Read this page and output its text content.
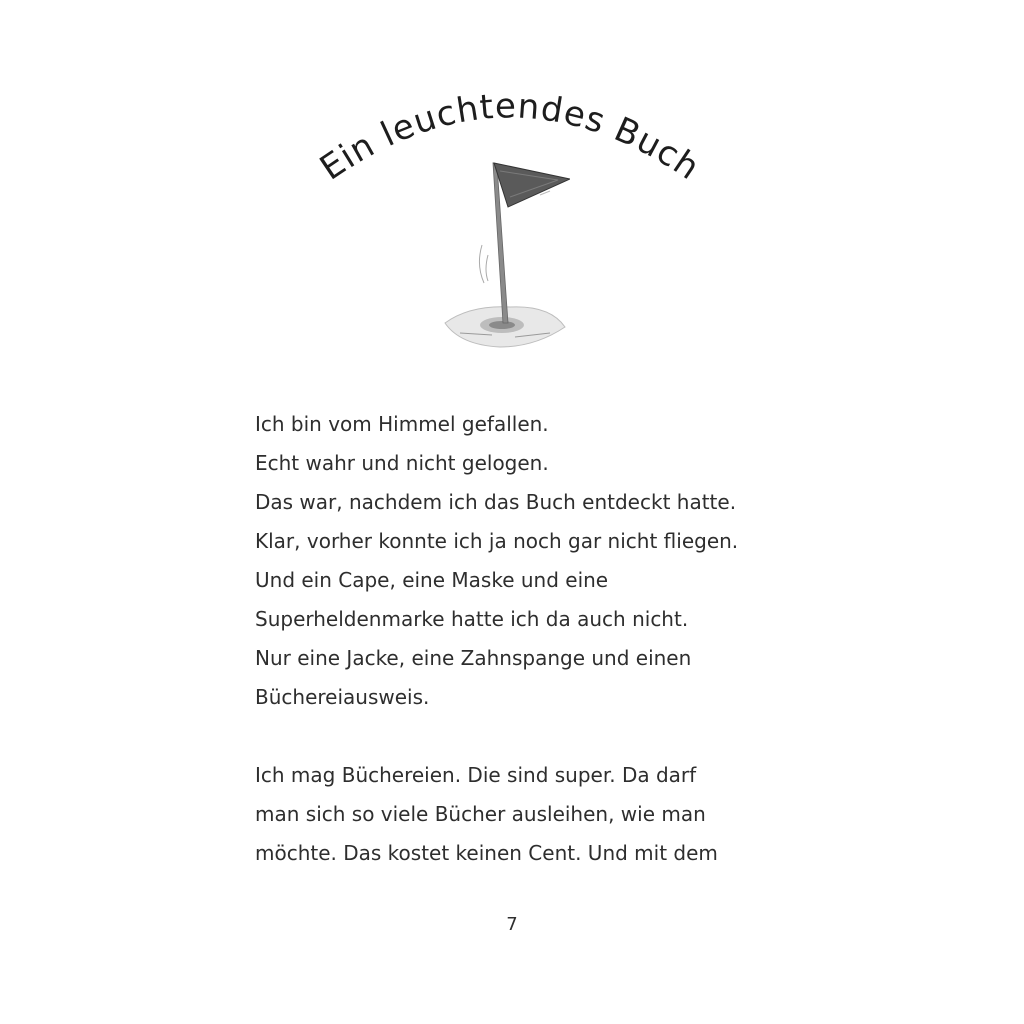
Ein leuchtendes Buch
Ich bin vom Himmel gefallen.
Echt wahr und nicht gelogen.
Das war, nachdem ich das Buch entdeckt hatte.
Klar, vorher konnte ich ja noch gar nicht fliegen.
Und ein Cape, eine Maske und eine
Superheldenmarke hatte ich da auch nicht.
Nur eine Jacke, eine Zahnspange und einen
Büchereiausweis.
Ich mag Büchereien. Die sind super. Da darf
man sich so viele Bücher ausleihen, wie man
möchte. Das kostet keinen Cent. Und mit dem
7
